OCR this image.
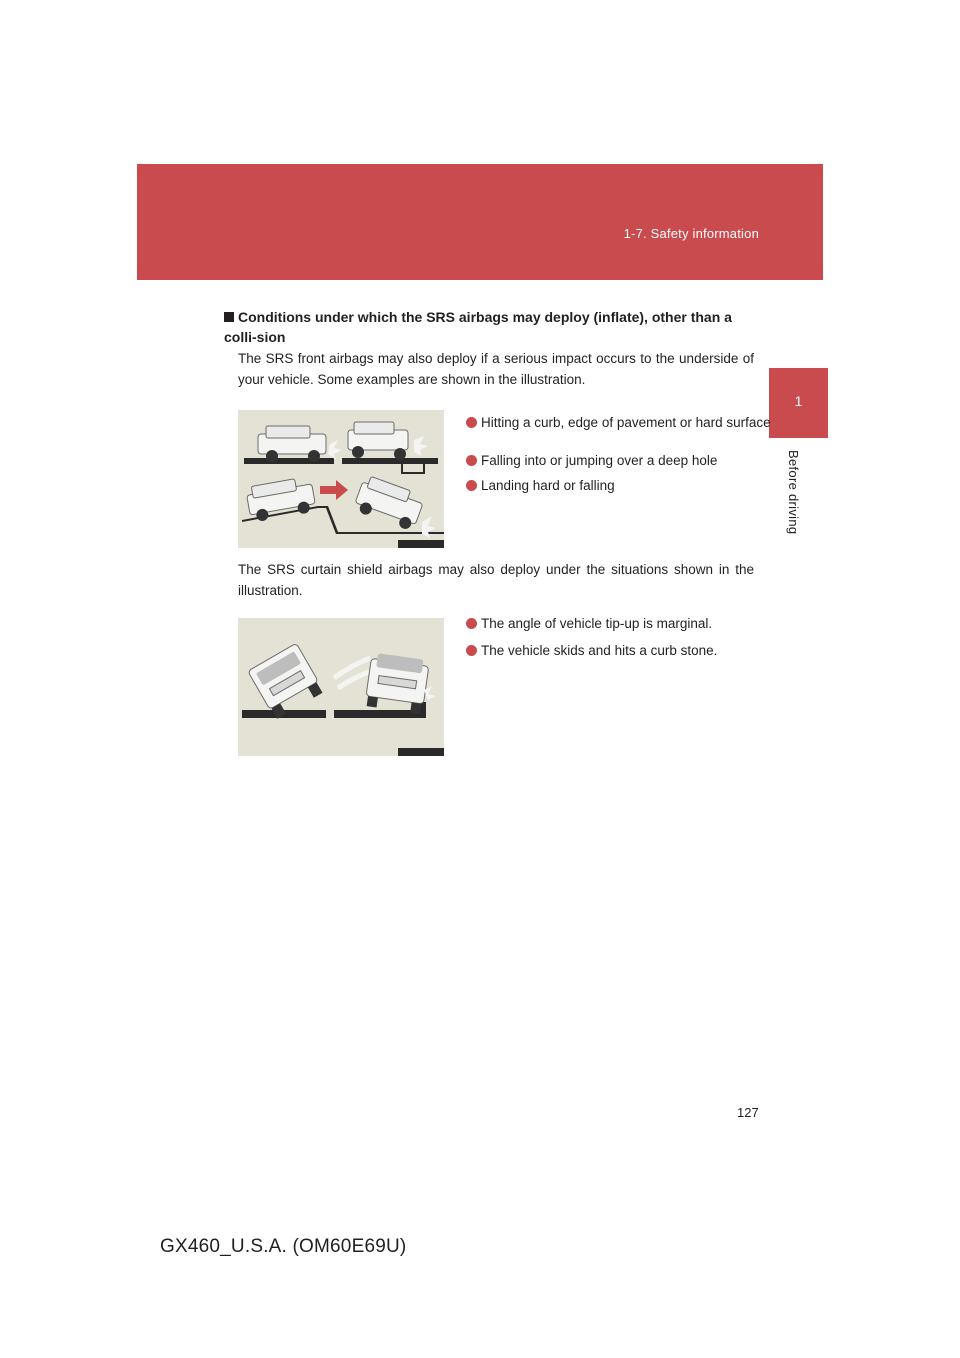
1-7. Safety information
1
Before driving
Conditions under which the SRS airbags may deploy (inflate), other than a colli-sion
The SRS front airbags may also deploy if a serious impact occurs to the underside of your vehicle. Some examples are shown in the illustration.
Hitting a curb, edge of pavement or hard surface
Falling into or jumping over a deep hole
Landing hard or falling
The SRS curtain shield airbags may also deploy under the situations shown in the illustration.
The angle of vehicle tip-up is marginal.
The vehicle skids and hits a curb stone.
127
GX460_U.S.A. (OM60E69U)
